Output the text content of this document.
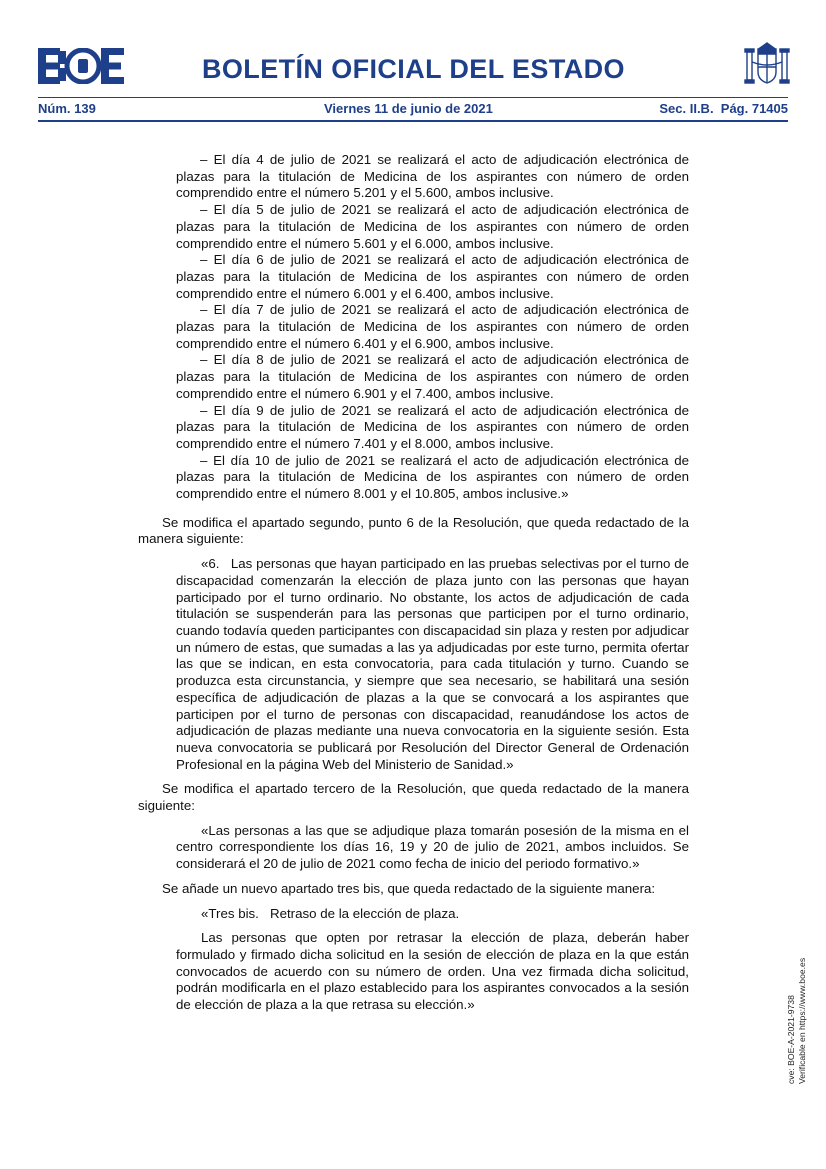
BOLETÍN OFICIAL DEL ESTADO
Núm. 139	Viernes 11 de junio de 2021	Sec. II.B.  Pág. 71405

– El día 4 de julio de 2021 se realizará el acto de adjudicación electrónica de plazas para la titulación de Medicina de los aspirantes con número de orden comprendido entre el número 5.201 y el 5.600, ambos inclusive.

– El día 5 de julio de 2021 se realizará el acto de adjudicación electrónica de plazas para la titulación de Medicina de los aspirantes con número de orden comprendido entre el número 5.601 y el 6.000, ambos inclusive.

– El día 6 de julio de 2021 se realizará el acto de adjudicación electrónica de plazas para la titulación de Medicina de los aspirantes con número de orden comprendido entre el número 6.001 y el 6.400, ambos inclusive.

– El día 7 de julio de 2021 se realizará el acto de adjudicación electrónica de plazas para la titulación de Medicina de los aspirantes con número de orden comprendido entre el número 6.401 y el 6.900, ambos inclusive.

– El día 8 de julio de 2021 se realizará el acto de adjudicación electrónica de plazas para la titulación de Medicina de los aspirantes con número de orden comprendido entre el número 6.901 y el 7.400, ambos inclusive.

– El día 9 de julio de 2021 se realizará el acto de adjudicación electrónica de plazas para la titulación de Medicina de los aspirantes con número de orden comprendido entre el número 7.401 y el 8.000, ambos inclusive.

– El día 10 de julio de 2021 se realizará el acto de adjudicación electrónica de plazas para la titulación de Medicina de los aspirantes con número de orden comprendido entre el número 8.001 y el 10.805, ambos inclusive.»

Se modifica el apartado segundo, punto 6 de la Resolución, que queda redactado de la manera siguiente:

«6.   Las personas que hayan participado en las pruebas selectivas por el turno de discapacidad comenzarán la elección de plaza junto con las personas que hayan participado por el turno ordinario. No obstante, los actos de adjudicación de cada titulación se suspenderán para las personas que participen por el turno ordinario, cuando todavía queden participantes con discapacidad sin plaza y resten por adjudicar un número de estas, que sumadas a las ya adjudicadas por este turno, permita ofertar las que se indican, en esta convocatoria, para cada titulación y turno. Cuando se produzca esta circunstancia, y siempre que sea necesario, se habilitará una sesión específica de adjudicación de plazas a la que se convocará a los aspirantes que participen por el turno de personas con discapacidad, reanudándose los actos de adjudicación de plazas mediante una nueva convocatoria en la siguiente sesión. Esta nueva convocatoria se publicará por Resolución del Director General de Ordenación Profesional en la página Web del Ministerio de Sanidad.»

Se modifica el apartado tercero de la Resolución, que queda redactado de la manera siguiente:

«Las personas a las que se adjudique plaza tomarán posesión de la misma en el centro correspondiente los días 16, 19 y 20 de julio de 2021, ambos incluidos. Se considerará el 20 de julio de 2021 como fecha de inicio del periodo formativo.»

Se añade un nuevo apartado tres bis, que queda redactado de la siguiente manera:

«Tres bis.   Retraso de la elección de plaza.

Las personas que opten por retrasar la elección de plaza, deberán haber formulado y firmado dicha solicitud en la sesión de elección de plaza en la que están convocados de acuerdo con su número de orden. Una vez firmada dicha solicitud, podrán modificarla en el plazo establecido para los aspirantes convocados a la sesión de elección de plaza a la que retrasa su elección.»	cve: BOE-A-2021-9738 Verificable en https://www.boe.es
